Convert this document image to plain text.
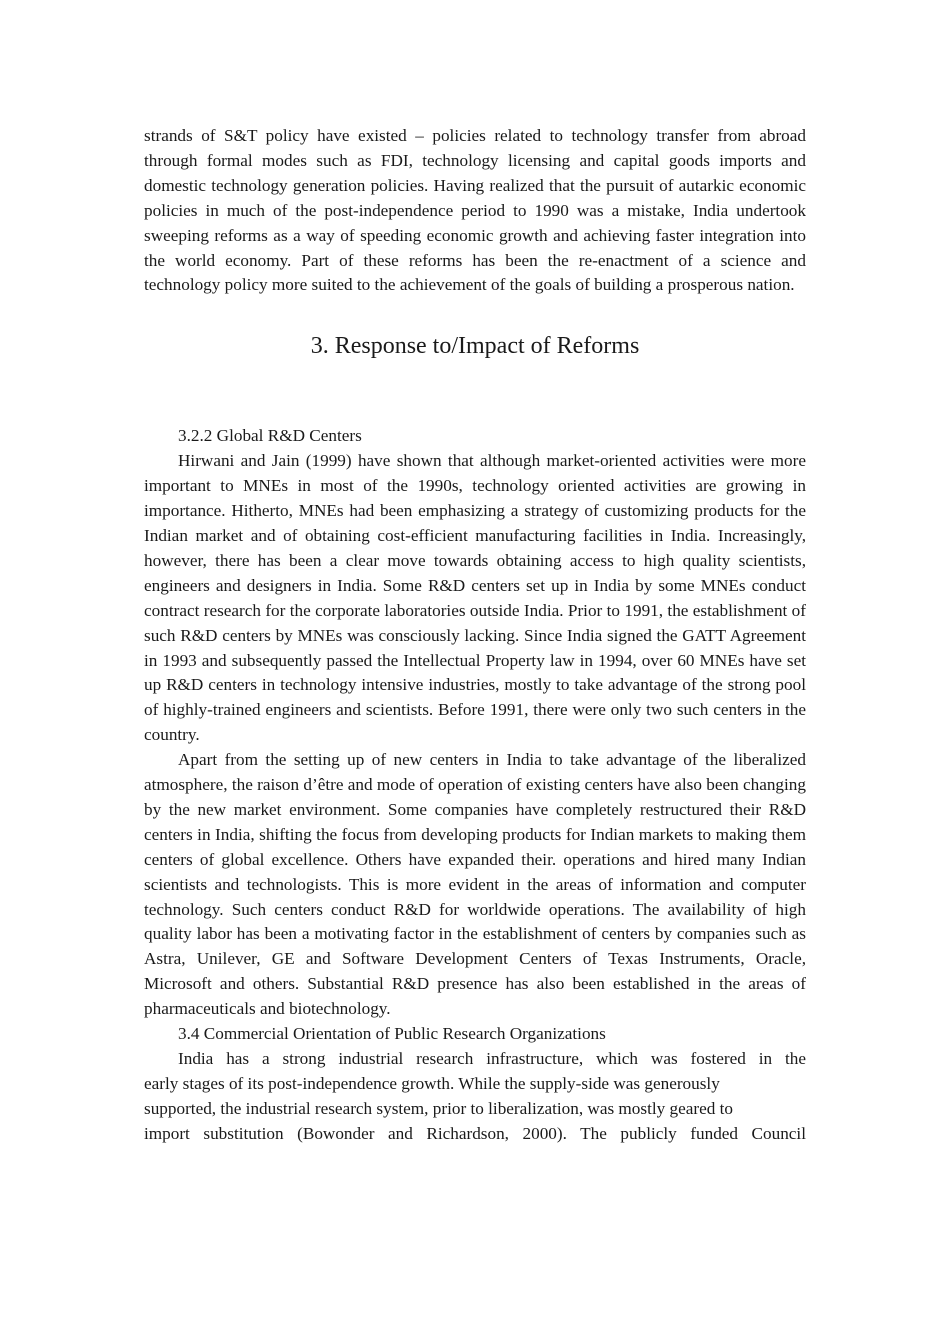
strands of S&T policy have existed – policies related to technology transfer from abroad through formal modes such as FDI, technology licensing and capital goods imports and domestic technology generation policies. Having realized that the pursuit of autarkic economic policies in much of the post-independence period to 1990 was a mistake, India undertook sweeping reforms as a way of speeding economic growth and achieving faster integration into the world economy. Part of these reforms has been the re-enactment of a science and technology policy more suited to the achievement of the goals of building a prosperous nation.

3. Response to/Impact of Reforms

3.2.2 Global R&D Centers

Hirwani and Jain (1999) have shown that although market-oriented activities were more important to MNEs in most of the 1990s, technology oriented activities are growing in importance. Hitherto, MNEs had been emphasizing a strategy of customizing products for the Indian market and of obtaining cost-efficient manufacturing facilities in India. Increasingly, however, there has been a clear move towards obtaining access to high quality scientists, engineers and designers in India. Some R&D centers set up in India by some MNEs conduct contract research for the corporate laboratories outside India. Prior to 1991, the establishment of such R&D centers by MNEs was consciously lacking. Since India signed the GATT Agreement in 1993 and subsequently passed the Intellectual Property law in 1994, over 60 MNEs have set up R&D centers in technology intensive industries, mostly to take advantage of the strong pool of highly-trained engineers and scientists. Before 1991, there were only two such centers in the country.

Apart from the setting up of new centers in India to take advantage of the liberalized atmosphere, the raison d’être and mode of operation of existing centers have also been changing by the new market environment. Some companies have completely restructured their R&D centers in India, shifting the focus from developing products for Indian markets to making them centers of global excellence. Others have expanded their. operations and hired many Indian scientists and technologists. This is more evident in the areas of information and computer technology. Such centers conduct R&D for worldwide operations. The availability of high quality labor has been a motivating factor in the establishment of centers by companies such as Astra, Unilever, GE and Software Development Centers of Texas Instruments, Oracle, Microsoft and others. Substantial R&D presence has also been established in the areas of pharmaceuticals and biotechnology.

3.4 Commercial Orientation of Public Research Organizations

India has a strong industrial research infrastructure, which was fostered in the
early stages of its post-independence growth. While the supply-side was generously
supported, the industrial research system, prior to liberalization, was mostly geared to
import substitution (Bowonder and Richardson, 2000). The publicly funded Council
